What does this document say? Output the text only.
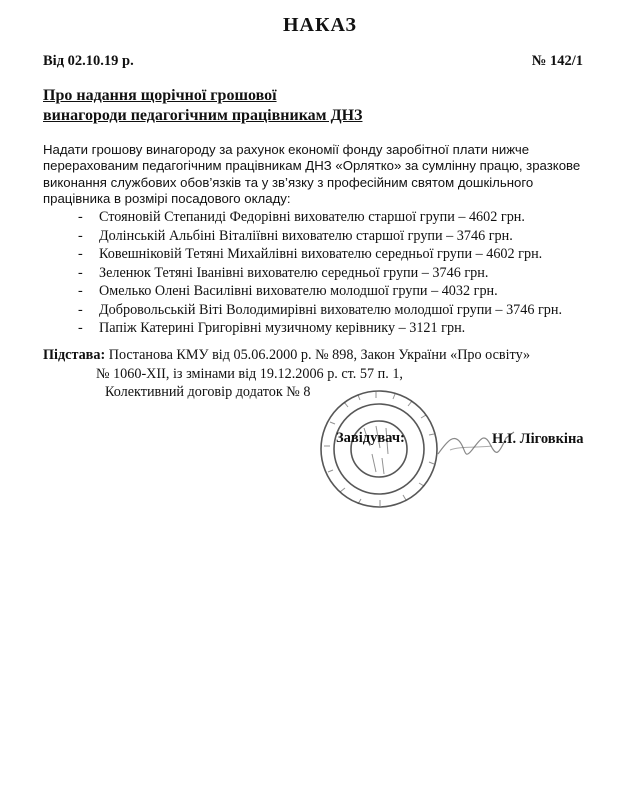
НАКАЗ
Від 02.10.19 р.	№ 142/1
Про надання щорічної грошової
винагороди педагогічним працівникам ДНЗ
Надати грошову винагороду за рахунок економії фонду заробітної плати нижче
перерахованим педагогічним працівникам ДНЗ «Орлятко» за сумлінну працю, зразкове
виконання службових обов’язків та у зв’язку з професійним святом дошкільного
працівника в розмірі посадового окладу:
- Стояновій Степаниді Федорівні вихователю старшої групи – 4602 грн.
- Долінській Альбіні Віталіївні вихователю старшої групи – 3746 грн.
- Ковешніковій Тетяні Михайлівні вихователю середньої групи – 4602 грн.
- Зеленюк Тетяні Іванівні вихователю середньої групи – 3746 грн.
- Омелько Олені Василівні вихователю молодшої групи – 4032 грн.
- Добровольській Віті Володимирівні вихователю молодшої групи – 3746 грн.
- Папіж Катерині Григорівні музичному керівнику – 3121 грн.
Підстава: Постанова КМУ від 05.06.2000 р. № 898, Закон України «Про освіту»
№ 1060-ХІІ, із змінами від 19.12.2006 р. ст. 57 п. 1,
Колективний договір додаток № 8
Завідувач:	Н.І. Лiговкiна
